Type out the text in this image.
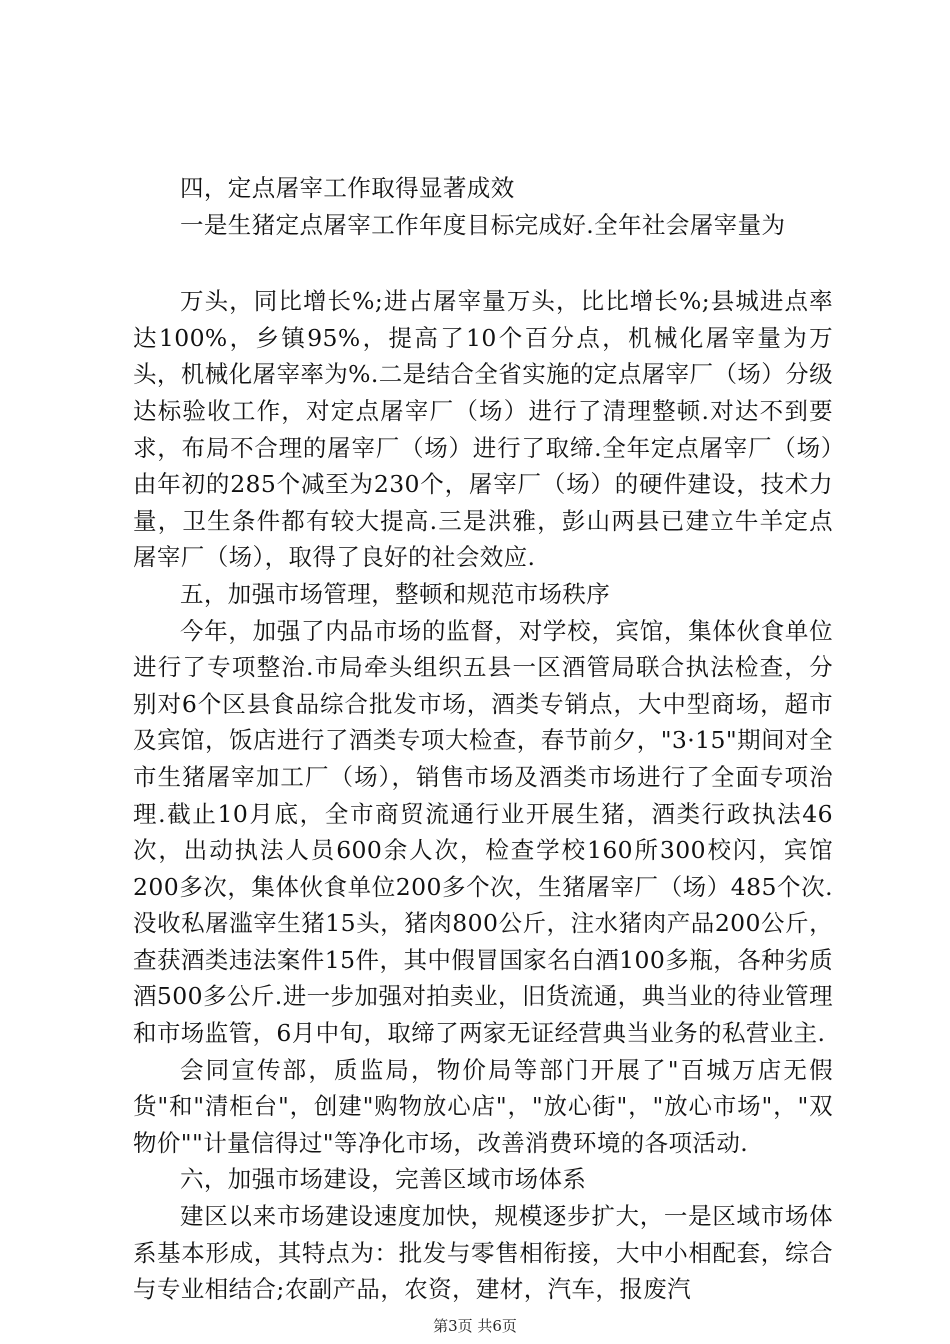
四，定点屠宰工作取得显著成效

一是生猪定点屠宰工作年度目标完成好.全年社会屠宰量为

万头，同比增长%;进占屠宰量万头，比比增长%;县城进点率达100%，乡镇95%，提高了10个百分点，机械化屠宰量为万头，机械化屠宰率为%.二是结合全省实施的定点屠宰厂（场）分级达标验收工作，对定点屠宰厂（场）进行了清理整顿.对达不到要求，布局不合理的屠宰厂（场）进行了取缔.全年定点屠宰厂（场）由年初的285个减至为230个，屠宰厂（场）的硬件建设，技术力量，卫生条件都有较大提高.三是洪雅，彭山两县已建立牛羊定点屠宰厂（场），取得了良好的社会效应.

五，加强市场管理，整顿和规范市场秩序

今年，加强了内品市场的监督，对学校，宾馆，集体伙食单位进行了专项整治.市局牵头组织五县一区酒管局联合执法检查，分别对6个区县食品综合批发市场，酒类专销点，大中型商场，超市及宾馆，饭店进行了酒类专项大检查，春节前夕，"3·15"期间对全市生猪屠宰加工厂（场），销售市场及酒类市场进行了全面专项治理.截止10月底，全市商贸流通行业开展生猪，酒类行政执法46次，出动执法人员600余人次，检查学校160所300校闪，宾馆200多次，集体伙食单位200多个次，生猪屠宰厂（场）485个次.没收私屠滥宰生猪15头，猪肉800公斤，注水猪肉产品200公斤，查获酒类违法案件15件，其中假冒国家名白酒100多瓶，各种劣质酒500多公斤.进一步加强对拍卖业，旧货流通，典当业的待业管理和市场监管，6月中旬，取缔了两家无证经营典当业务的私营业主.

会同宣传部，质监局，物价局等部门开展了"百城万店无假货"和"清柜台"，创建"购物放心店"，"放心街"，"放心市场"，"双物价""计量信得过"等净化市场，改善消费环境的各项活动.

六，加强市场建设，完善区域市场体系

建区以来市场建设速度加快，规模逐步扩大，一是区域市场体系基本形成，其特点为：批发与零售相衔接，大中小相配套，综合与专业相结合;农副产品，农资，建材，汽车，报废汽

第3页 共6页
